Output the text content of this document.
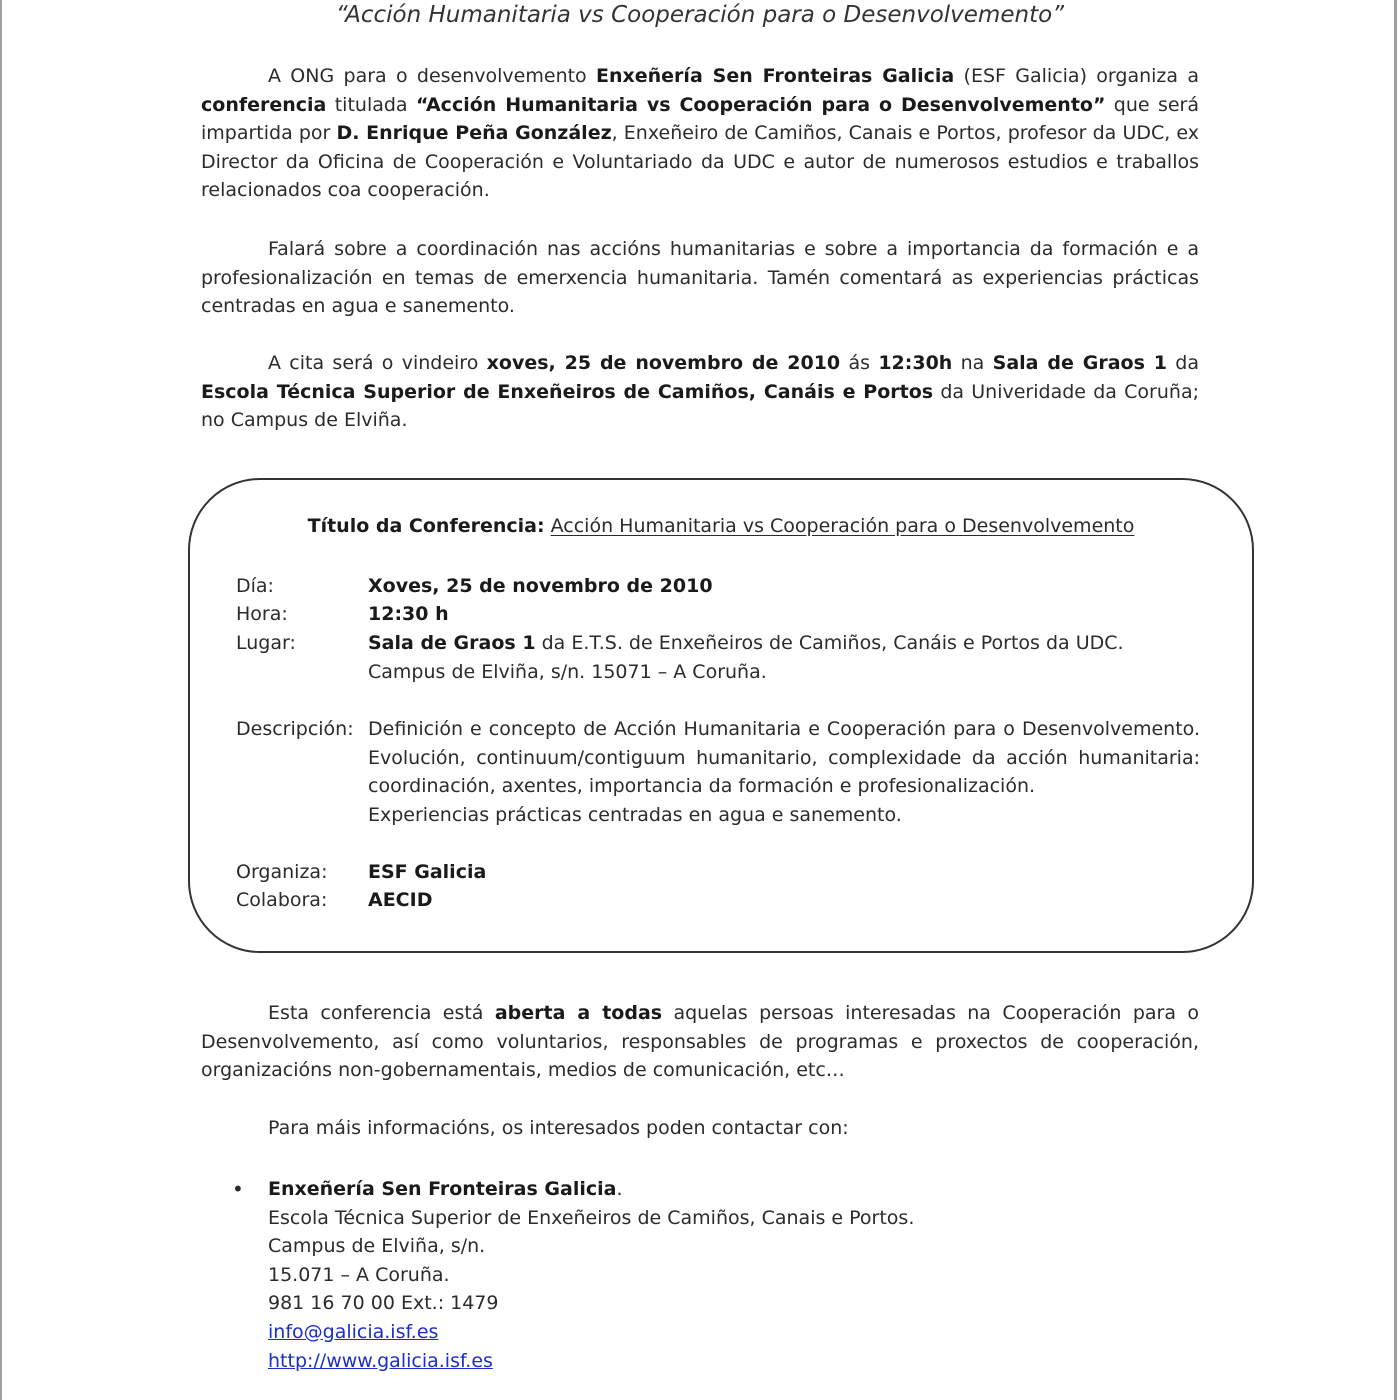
“Acción Humanitaria vs Cooperación para o Desenvolvemento”

A ONG para o desenvolvemento Enxeñería Sen Fronteiras Galicia (ESF Galicia) organiza a conferencia titulada “Acción Humanitaria vs Cooperación para o Desenvolvemento” que será impartida por D. Enrique Peña González, Enxeñeiro de Camiños, Canais e Portos, profesor da UDC, ex Director da Oficina de Cooperación e Voluntariado da UDC e autor de numerosos estudios e traballos relacionados coa cooperación.

Falará sobre a coordinación nas accións humanitarias e sobre a importancia da formación e a profesionalización en temas de emerxencia humanitaria. Tamén comentará as experiencias prácticas centradas en agua e sanemento.

A cita será o vindeiro xoves, 25 de novembro de 2010 ás 12:30h na Sala de Graos 1 da Escola Técnica Superior de Enxeñeiros de Camiños, Canáis e Portos da Univeridade da Coruña; no Campus de Elviña.

Título da Conferencia: Acción Humanitaria vs Cooperación para o Desenvolvemento
Día:	Xoves, 25 de novembro de 2010
Hora:	12:30 h
Lugar:	Sala de Graos 1 da E.T.S. de Enxeñeiros de Camiños, Canáis e Portos da UDC.
Campus de Elviña, s/n. 15071 – A Coruña.
Descripción: Definición e concepto de Acción Humanitaria e Cooperación para o Desenvolvemento. Evolución, continuum/contiguum humanitario, complexidade da acción humanitaria: coordinación, axentes, importancia da formación e profesionalización.
Experiencias prácticas centradas en agua e sanemento.
Organiza:	ESF Galicia
Colabora:	AECID

Esta conferencia está aberta a todas aquelas persoas interesadas na Cooperación para o Desenvolvemento, así como voluntarios, responsables de programas e proxectos de cooperación, organizacións non-gobernamentais, medios de comunicación, etc…

Para máis informacións, os interesados poden contactar con:

• Enxeñería Sen Fronteiras Galicia.
Escola Técnica Superior de Enxeñeiros de Camiños, Canais e Portos.
Campus de Elviña, s/n.
15.071 – A Coruña.
981 16 70 00 Ext.: 1479
info@galicia.isf.es
http://www.galicia.isf.es
